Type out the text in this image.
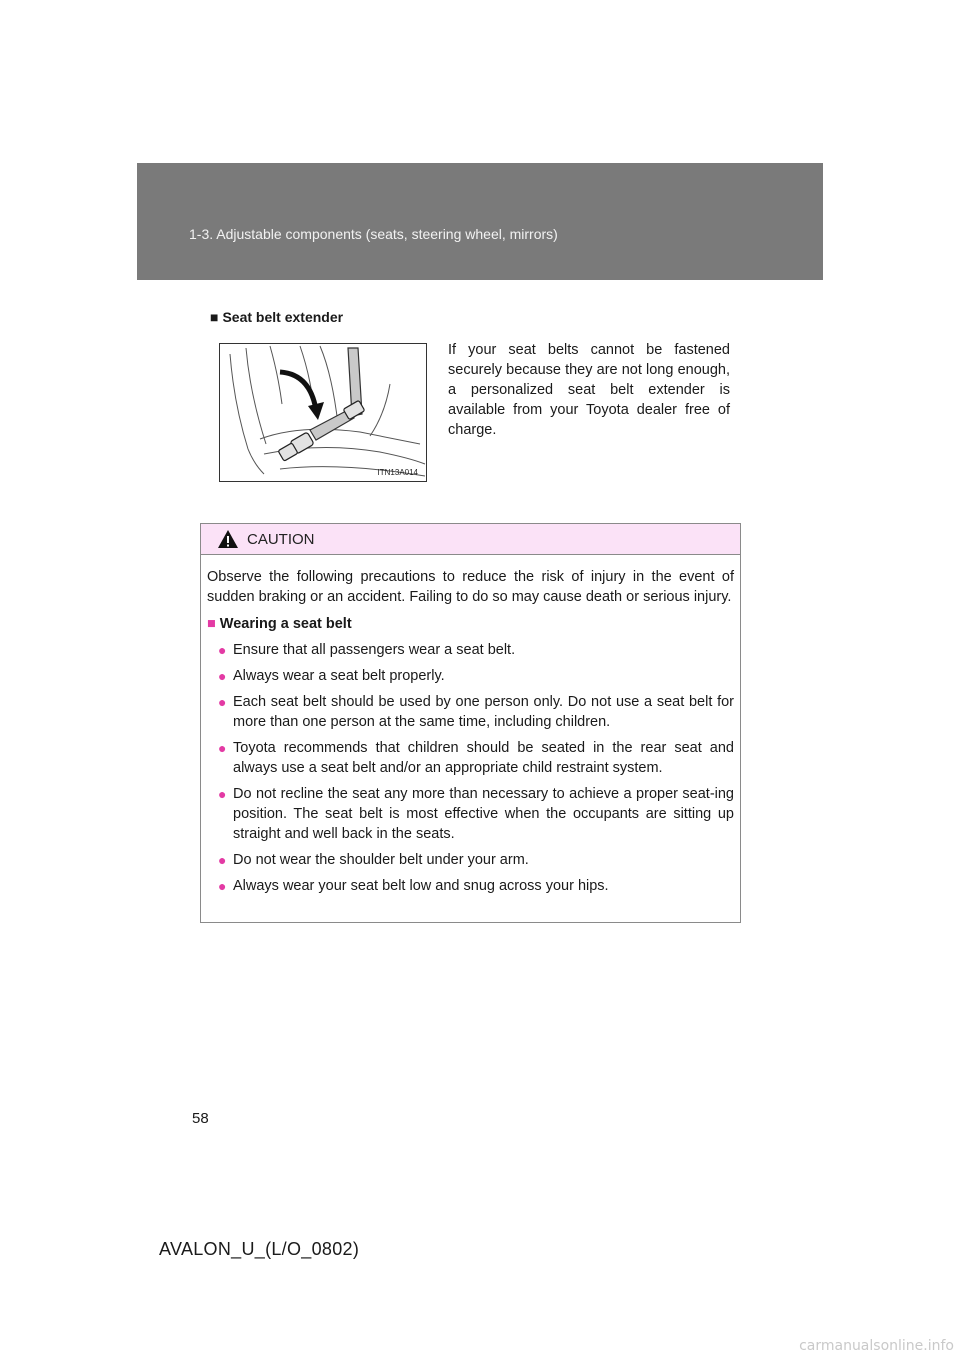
1-3. Adjustable components (seats, steering wheel, mirrors)
■ Seat belt extender
ITN13A014
If your seat belts cannot be fastened securely because they are not long enough, a personalized seat belt extender is available from your Toyota dealer free of charge.
CAUTION

Observe the following precautions to reduce the risk of injury in the event of sudden braking or an accident. Failing to do so may cause death or serious injury.

■ Wearing a seat belt
● Ensure that all passengers wear a seat belt.
● Always wear a seat belt properly.
● Each seat belt should be used by one person only. Do not use a seat belt for more than one person at the same time, including children.
● Toyota recommends that children should be seated in the rear seat and always use a seat belt and/or an appropriate child restraint system.
● Do not recline the seat any more than necessary to achieve a proper seat-ing position. The seat belt is most effective when the occupants are sitting up straight and well back in the seats.
● Do not wear the shoulder belt under your arm.
● Always wear your seat belt low and snug across your hips.
58
AVALON_U_(L/O_0802)
carmanualsonline.info
